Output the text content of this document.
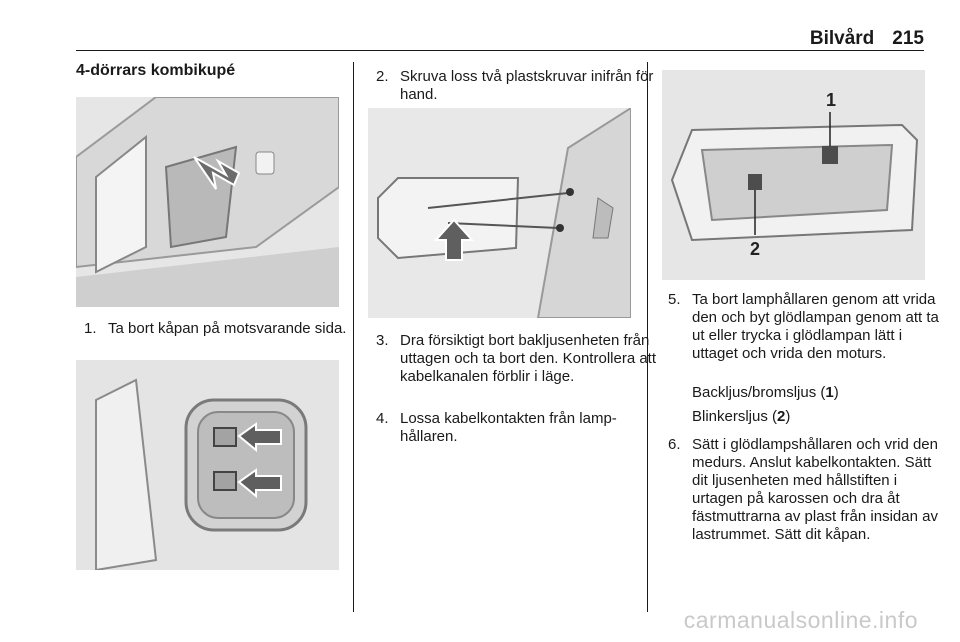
Bilvård 215
4-dörrars kombikupé
1. Ta bort kåpan på motsvarande sida.
2. Skruva loss två plastskruvar inifrån för hand.
3. Dra försiktigt bort bakljusenheten från uttagen och ta bort den. Kontrollera att kabelkanalen förblir i läge.
4. Lossa kabelkontakten från lamphållaren.
1
2
5. Ta bort lamphållaren genom att vrida den och byt glödlampan genom att ta ut eller trycka i glödlampan lätt i uttaget och vrida den moturs.
Backljus/bromsljus (1)
Blinkersljus (2)
6. Sätt i glödlampshållaren och vrid den medurs. Anslut kabelkontakten. Sätt dit ljusenheten med hållstiften i urtagen på karossen och dra åt fästmuttrarna av plast från insidan av lastrummet. Sätt dit kåpan.
carmanualsonline.info
